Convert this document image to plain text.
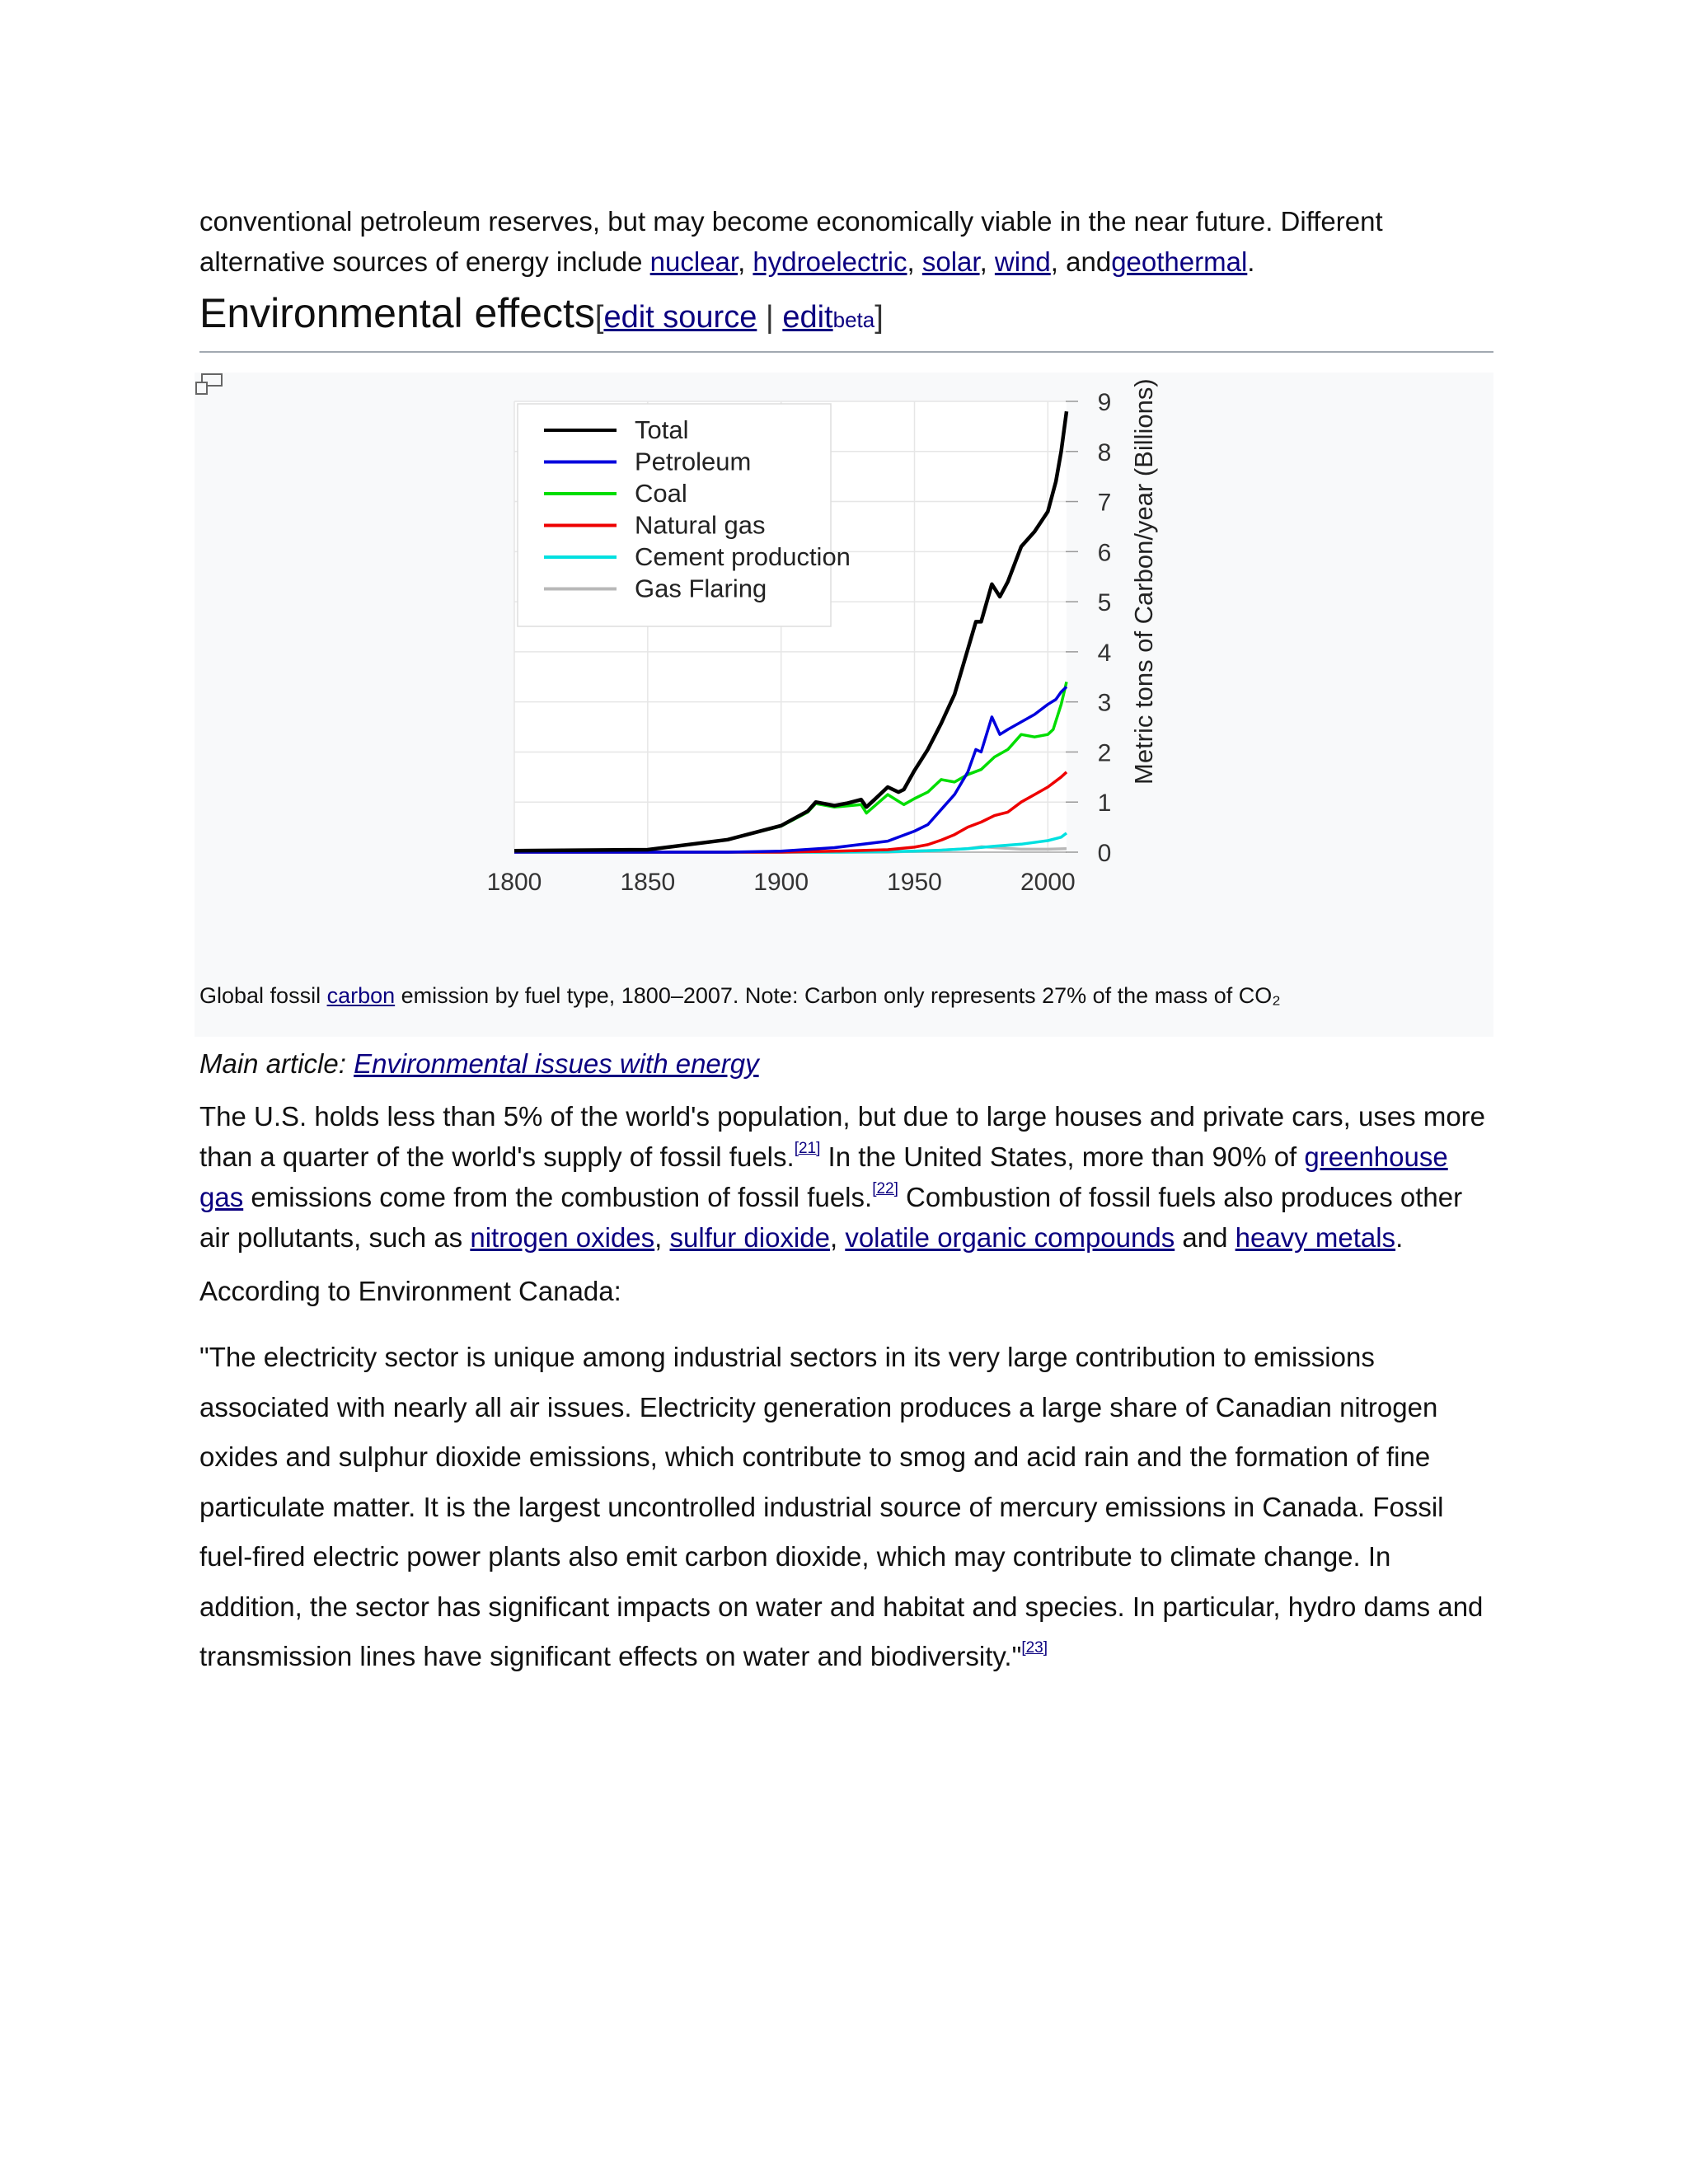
conventional petroleum reserves, but may become economically viable in the near future. Different alternative sources of energy include nuclear, hydroelectric, solar, wind, andgeothermal.

Environmental effects[edit source | editbeta]
0
1
2
3
4
5
6
7
8
9
1800	1850	1900	1950	2000
Total
Petroleum
Coal
Natural gas
Cement production
Gas Flaring	Metric tons of Carbon/year (Billions)
Global fossil carbon emission by fuel type, 1800–2007. Note: Carbon only represents 27% of the mass of CO₂
Main article: Environmental issues with energy

The U.S. holds less than 5% of the world's population, but due to large houses and private cars, uses more than a quarter of the world's supply of fossil fuels.[21] In the United States, more than 90% of greenhouse gas emissions come from the combustion of fossil fuels.[22] Combustion of fossil fuels also produces other air pollutants, such as nitrogen oxides, sulfur dioxide, volatile organic compounds and heavy metals.

According to Environment Canada:

"The electricity sector is unique among industrial sectors in its very large contribution to emissions associated with nearly all air issues. Electricity generation produces a large share of Canadian nitrogen oxides and sulphur dioxide emissions, which contribute to smog and acid rain and the formation of fine particulate matter. It is the largest uncontrolled industrial source of mercury emissions in Canada. Fossil fuel-fired electric power plants also emit carbon dioxide, which may contribute to climate change. In addition, the sector has significant impacts on water and habitat and species. In particular, hydro dams and transmission lines have significant effects on water and biodiversity."[23]
